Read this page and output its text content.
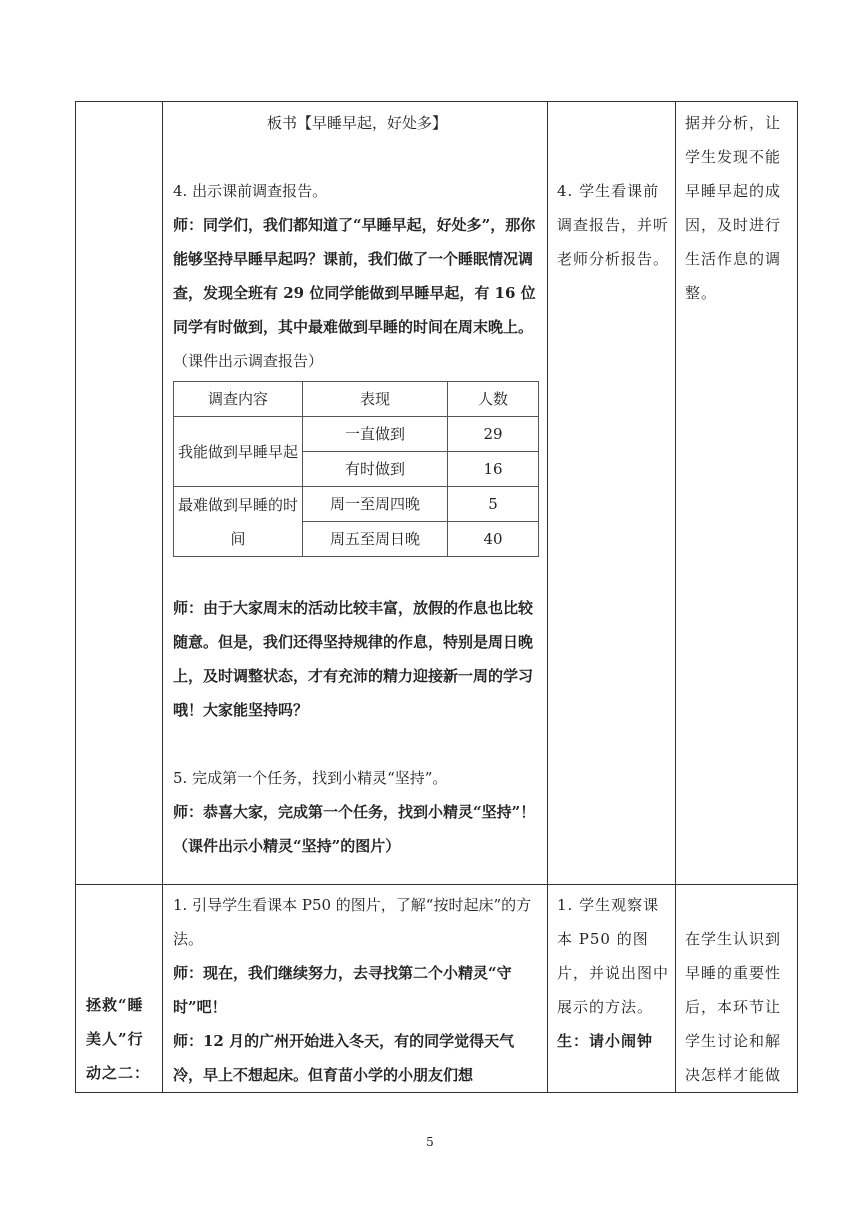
板书【早睡早起，好处多】
4. 出示课前调查报告。
师：同学们，我们都知道了“早睡早起，好处多”，那你能够坚持早睡早起吗？课前，我们做了一个睡眠情况调查，发现全班有 29 位同学能做到早睡早起，有 16 位同学有时做到，其中最难做到早睡的时间在周末晚上。（课件出示调查报告）
调查内容	表现	人数
我能做到早睡早起	一直做到	29
有时做到	16
最难做到早睡的时间	周一至周四晚	5
周五至周日晚	40
师：由于大家周末的活动比较丰富，放假的作息也比较随意。但是，我们还得坚持规律的作息，特别是周日晚上，及时调整状态，才有充沛的精力迎接新一周的学习哦！大家能坚持吗？
5. 完成第一个任务，找到小精灵“坚持”。
师：恭喜大家，完成第一个任务，找到小精灵“坚持”！（课件出示小精灵“坚持”的图片）

4. 学生看课前调查报告，并听老师分析报告。

据并分析，让学生发现不能早睡早起的成因，及时进行生活作息的调整。

拯救“睡美人”行动之二：

1. 引导学生看课本 P50 的图片，了解“按时起床”的方法。
师：现在，我们继续努力，去寻找第二个小精灵“守时”吧！
师：12 月的广州开始进入冬天，有的同学觉得天气冷，早上不想起床。但育苗小学的小朋友们想

1. 学生观察课本 P50 的图片，并说出图中展示的方法。
生：请小闹钟

在学生认识到早睡的重要性后，本环节让学生讨论和解决怎样才能做
5
